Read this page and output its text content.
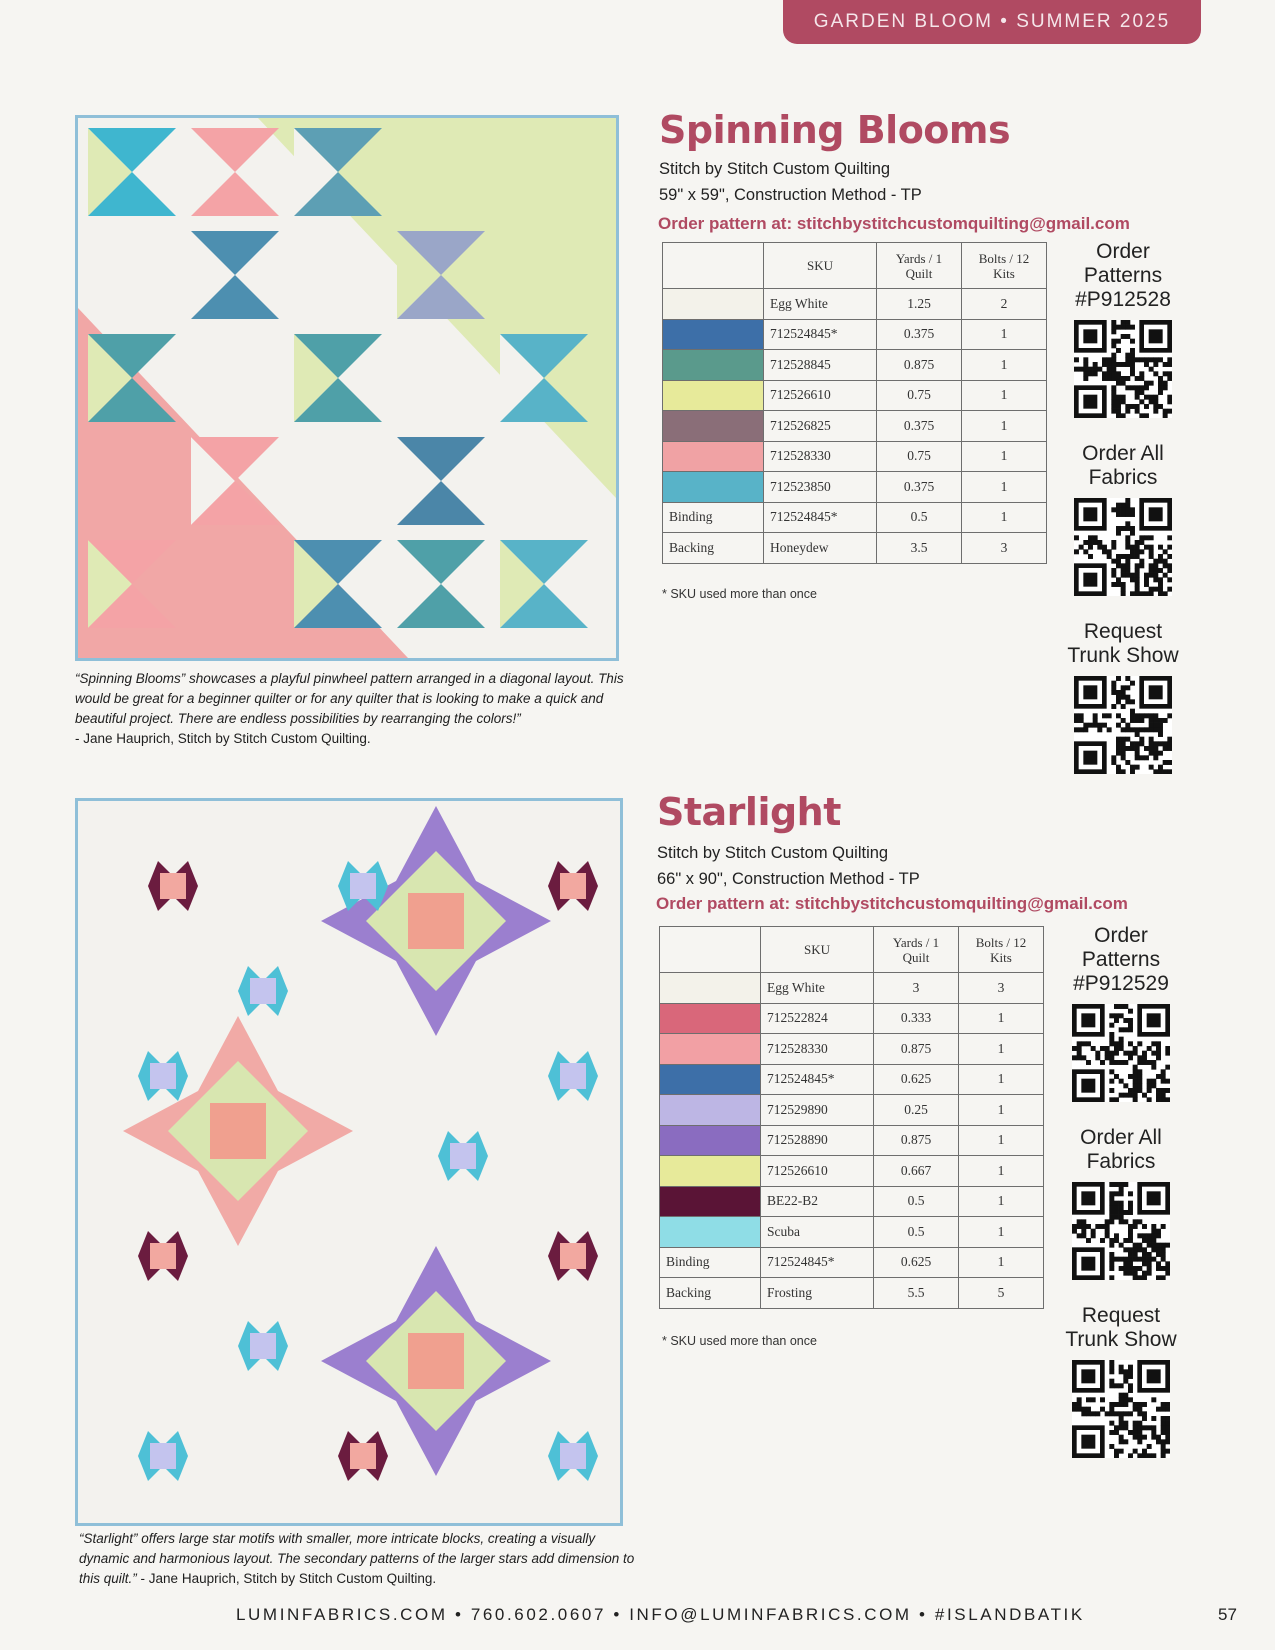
GARDEN BLOOM • SUMMER 2025
“Spinning Blooms” showcases a playful pinwheel pattern arranged in a diagonal layout. This would be great for a beginner quilter or for any quilter that is looking to make a quick and beautiful project. There are endless possibilities by rearranging the colors!”
- Jane Hauprich, Stitch by Stitch Custom Quilting.
Spinning Blooms
Stitch by Stitch Custom Quilting
59" x 59", Construction Method - TP
Order pattern at: stitchbystitchcustomquilting@gmail.com
	SKU	Yards / 1 Quilt	Bolts / 12 Kits
	Egg White	1.25	2
	712524845*	0.375	1
	712528845	0.875	1
	712526610	0.75	1
	712526825	0.375	1
	712528330	0.75	1
	712523850	0.375	1
Binding	712524845*	0.5	1
Backing	Honeydew	3.5	3
* SKU used more than once
Order Patterns #P912528
Order All Fabrics
Request Trunk Show
“Starlight” offers large star motifs with smaller, more intricate blocks, creating a visually dynamic and harmonious layout. The secondary patterns of the larger stars add dimension to this quilt.” - Jane Hauprich, Stitch by Stitch Custom Quilting.
Starlight
Stitch by Stitch Custom Quilting
66" x 90", Construction Method - TP
Order pattern at: stitchbystitchcustomquilting@gmail.com
	SKU	Yards / 1 Quilt	Bolts / 12 Kits
	Egg White	3	3
	712522824	0.333	1
	712528330	0.875	1
	712524845*	0.625	1
	712529890	0.25	1
	712528890	0.875	1
	712526610	0.667	1
	BE22-B2	0.5	1
	Scuba	0.5	1
Binding	712524845*	0.625	1
Backing	Frosting	5.5	5
* SKU used more than once
Order Patterns #P912529
Order All Fabrics
Request Trunk Show
LUMINFABRICS.COM • 760.602.0607 • INFO@LUMINFABRICS.COM • #ISLANDBATIK	57
